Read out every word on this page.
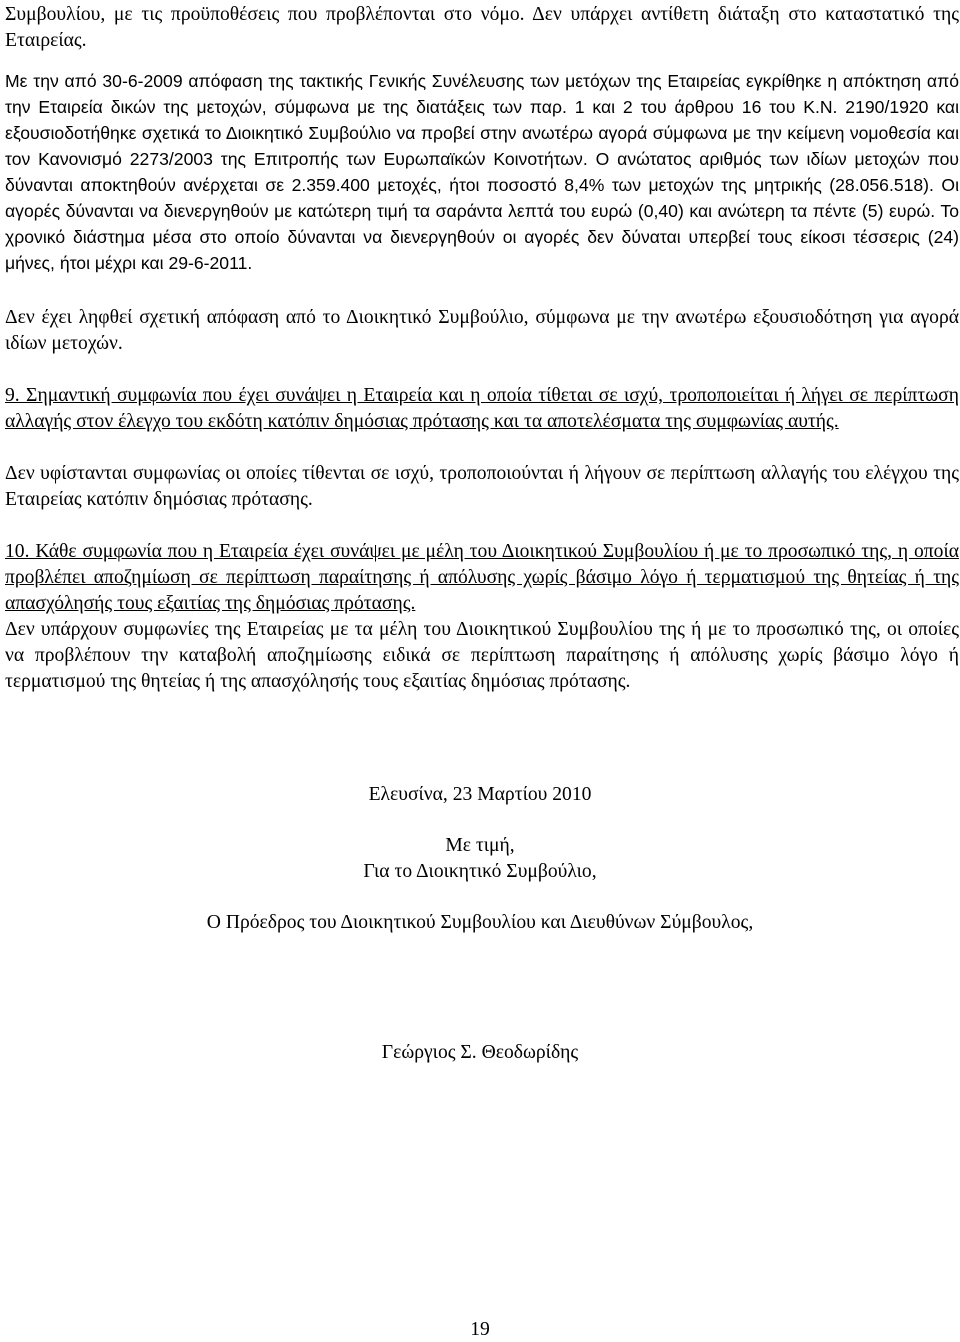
Συμβουλίου, με τις προϋποθέσεις που προβλέπονται στο νόμο. Δεν υπάρχει αντίθετη διάταξη στο καταστατικό της Εταιρείας.

Με την από 30-6-2009 απόφαση της τακτικής Γενικής Συνέλευσης των μετόχων της Εταιρείας εγκρίθηκε η απόκτηση από την Εταιρεία δικών της μετοχών, σύμφωνα με της διατάξεις των παρ. 1 και 2 του άρθρου 16 του Κ.Ν. 2190/1920 και εξουσιοδοτήθηκε σχετικά το Διοικητικό Συμβούλιο να προβεί στην ανωτέρω αγορά σύμφωνα με την κείμενη νομοθεσία και τον Κανονισμό 2273/2003 της Επιτροπής των Ευρωπαϊκών Κοινοτήτων. Ο ανώτατος αριθμός των ιδίων μετοχών που δύνανται αποκτηθούν ανέρχεται σε 2.359.400 μετοχές, ήτοι ποσοστό 8,4% των μετοχών της μητρικής (28.056.518). Οι αγορές δύνανται να διενεργηθούν με κατώτερη τιμή τα σαράντα λεπτά του ευρώ (0,40) και ανώτερη τα πέντε (5) ευρώ. Το χρονικό διάστημα μέσα στο οποίο δύνανται να διενεργηθούν οι αγορές δεν δύναται υπερβεί τους είκοσι τέσσερις (24) μήνες, ήτοι μέχρι και 29-6-2011.

Δεν έχει ληφθεί σχετική απόφαση από το Διοικητικό Συμβούλιο, σύμφωνα με την ανωτέρω εξουσιοδότηση για αγορά ιδίων μετοχών.

9. Σημαντική συμφωνία που έχει συνάψει η Εταιρεία και η οποία τίθεται σε ισχύ, τροποποιείται ή λήγει σε περίπτωση αλλαγής στον έλεγχο του εκδότη κατόπιν δημόσιας πρότασης και τα αποτελέσματα της συμφωνίας αυτής.

Δεν υφίστανται συμφωνίας οι οποίες τίθενται σε ισχύ, τροποποιούνται ή λήγουν σε περίπτωση αλλαγής του ελέγχου της Εταιρείας κατόπιν δημόσιας πρότασης.

10. Κάθε συμφωνία που η Εταιρεία έχει συνάψει με μέλη του Διοικητικού Συμβουλίου ή με το προσωπικό της, η οποία προβλέπει αποζημίωση σε περίπτωση παραίτησης ή απόλυσης χωρίς βάσιμο λόγο ή τερματισμού της θητείας ή της απασχόλησής τους εξαιτίας της δημόσιας πρότασης.

Δεν υπάρχουν συμφωνίες της Εταιρείας με τα μέλη του Διοικητικού Συμβουλίου της ή με το προσωπικό της, οι οποίες να προβλέπουν την καταβολή αποζημίωσης ειδικά σε περίπτωση παραίτησης ή απόλυσης χωρίς βάσιμο λόγο ή τερματισμού της θητείας ή της απασχόλησής τους εξαιτίας δημόσιας πρότασης.

Ελευσίνα, 23 Μαρτίου 2010

Με τιμή,

Για το Διοικητικό Συμβούλιο,

Ο Πρόεδρος του Διοικητικού Συμβουλίου και Διευθύνων Σύμβουλος,

Γεώργιος Σ. Θεοδωρίδης

19
